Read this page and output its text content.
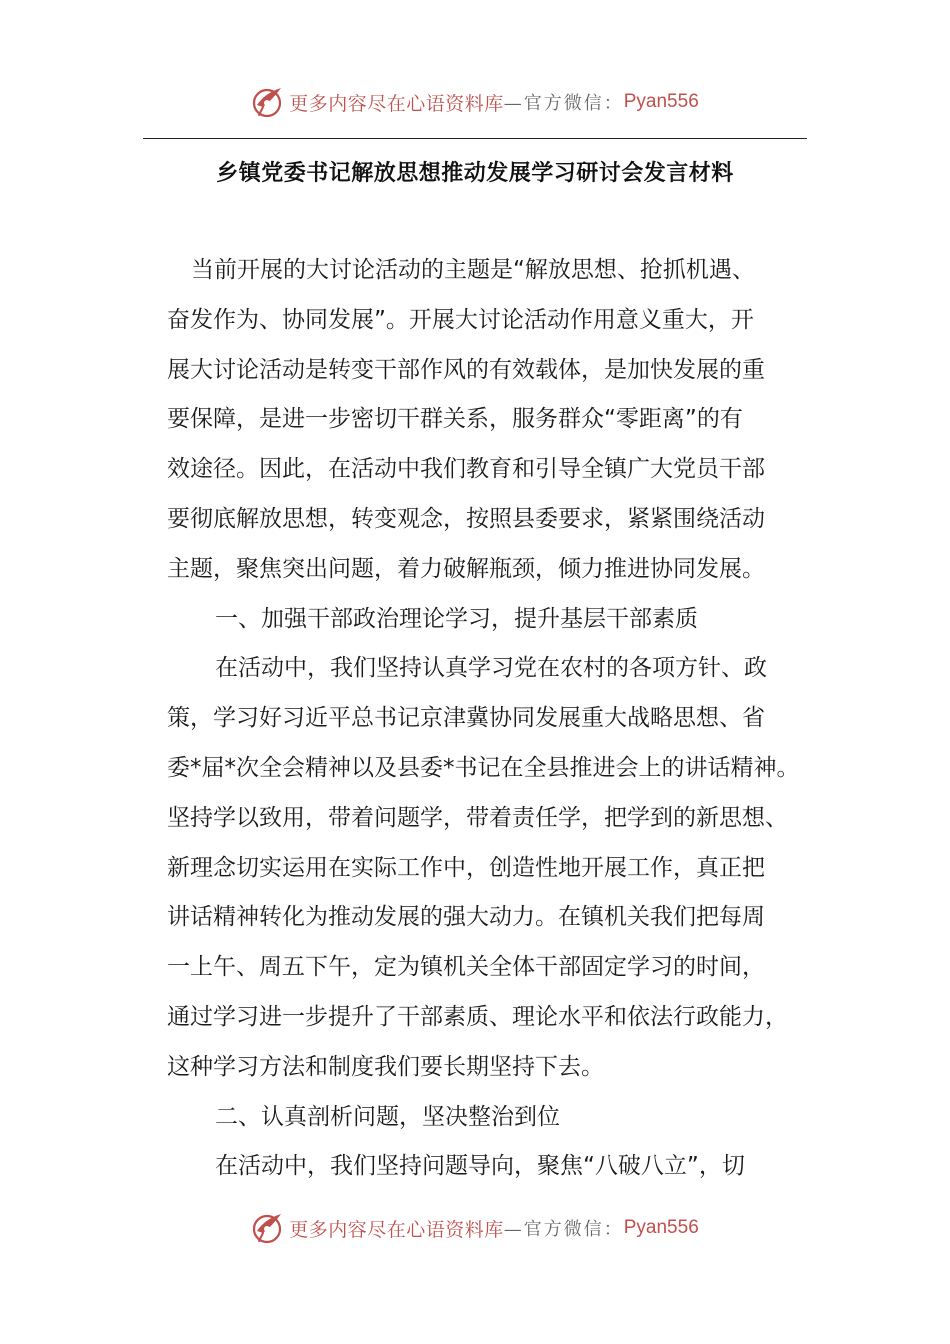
更多内容尽在心语资料库 —官方微信： Pyan556
乡镇党委书记解放思想推动发展学习研讨会发言材料
当前开展的大讨论活动的主题是“解放思想、抢抓机遇、
奋发作为、协同发展”。开展大讨论活动作用意义重大，开
展大讨论活动是转变干部作风的有效载体，是加快发展的重
要保障，是进一步密切干群关系，服务群众“零距离”的有
效途径。因此，在活动中我们教育和引导全镇广大党员干部
要彻底解放思想，转变观念，按照县委要求，紧紧围绕活动
主题，聚焦突出问题，着力破解瓶颈，倾力推进协同发展。
一、加强干部政治理论学习，提升基层干部素质
在活动中，我们坚持认真学习党在农村的各项方针、政
策，学习好习近平总书记京津冀协同发展重大战略思想、省
委*届*次全会精神以及县委*书记在全县推进会上的讲话精神。
坚持学以致用，带着问题学，带着责任学，把学到的新思想、
新理念切实运用在实际工作中，创造性地开展工作，真正把
讲话精神转化为推动发展的强大动力。在镇机关我们把每周
一上午、周五下午，定为镇机关全体干部固定学习的时间，
通过学习进一步提升了干部素质、理论水平和依法行政能力，
这种学习方法和制度我们要长期坚持下去。
二、认真剖析问题，坚决整治到位
在活动中，我们坚持问题导向，聚焦“八破八立”，切
更多内容尽在心语资料库 —官方微信： Pyan556
